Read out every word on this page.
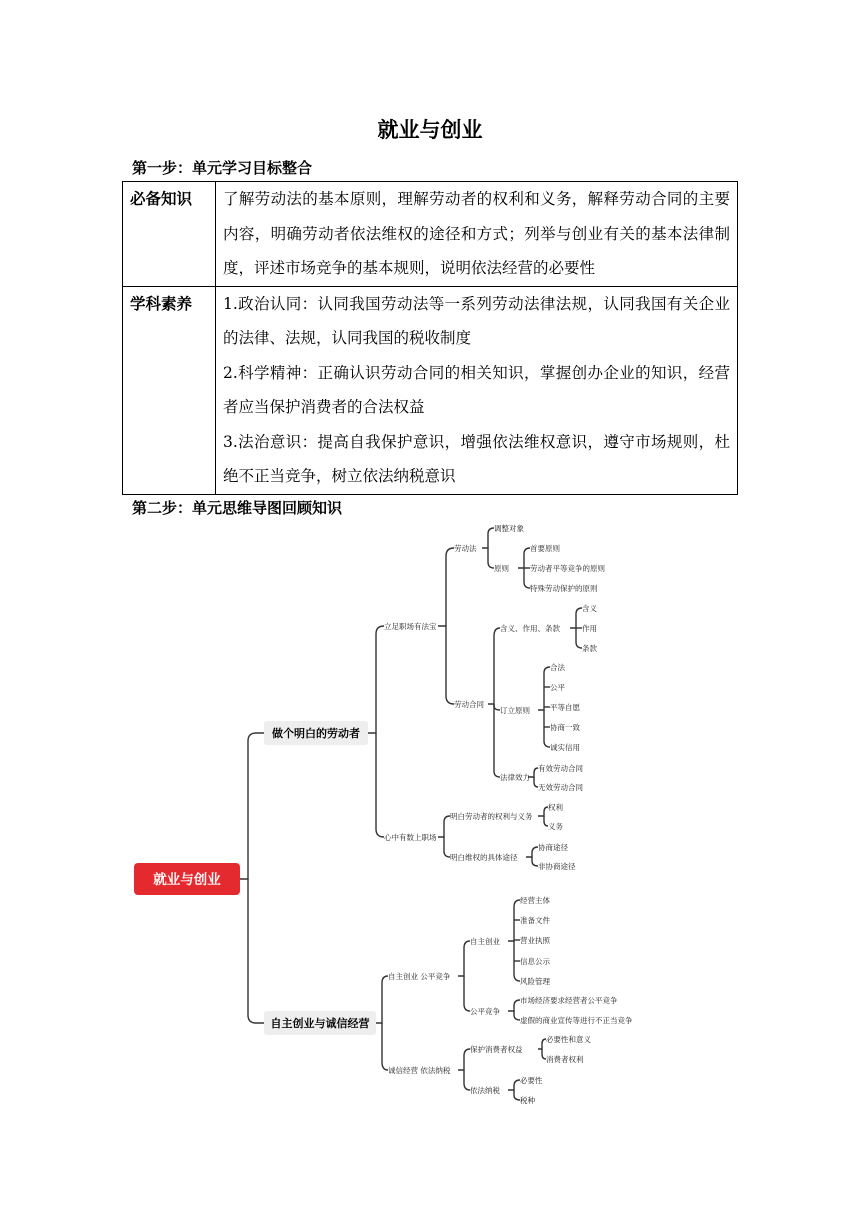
就业与创业
第一步：单元学习目标整合
必备知识	了解劳动法的基本原则，理解劳动者的权利和义务，解释劳动合同的主要内容，明确劳动者依法维权的途径和方式；列举与创业有关的基本法律制度，评述市场竞争的基本规则，说明依法经营的必要性

学科素养	1.政治认同：认同我国劳动法等一系列劳动法律法规，认同我国有关企业的法律、法规，认同我国的税收制度
2.科学精神：正确认识劳动合同的相关知识，掌握创办企业的知识，经营者应当保护消费者的合法权益
3.法治意识：提高自我保护意识，增强依法维权意识，遵守市场规则，杜绝不正当竞争，树立依法纳税意识
第二步：单元思维导图回顾知识
就业与创业
做个明白的劳动者
自主创业与诚信经营
立足职场有法宝
心中有数上职场
自主创业 公平竞争
诚信经营 依法纳税
劳动法
调整对象
原则
首要原则
劳动者平等竞争的原则
特殊劳动保护的原则
劳动合同
含义、作用、条款
含义
作用
条款
订立原则
合法
公平
平等自愿
协商一致
诚实信用
法律效力
有效劳动合同
无效劳动合同
明白劳动者的权利与义务
权利
义务
明白维权的具体途径
协商途径
非协商途径
自主创业
经营主体
准备文件
营业执照
信息公示
风险管理
公平竞争
市场经济要求经营者公平竞争
虚假的商业宣传等进行不正当竞争
保护消费者权益
必要性和意义
消费者权利
依法纳税
必要性
税种
